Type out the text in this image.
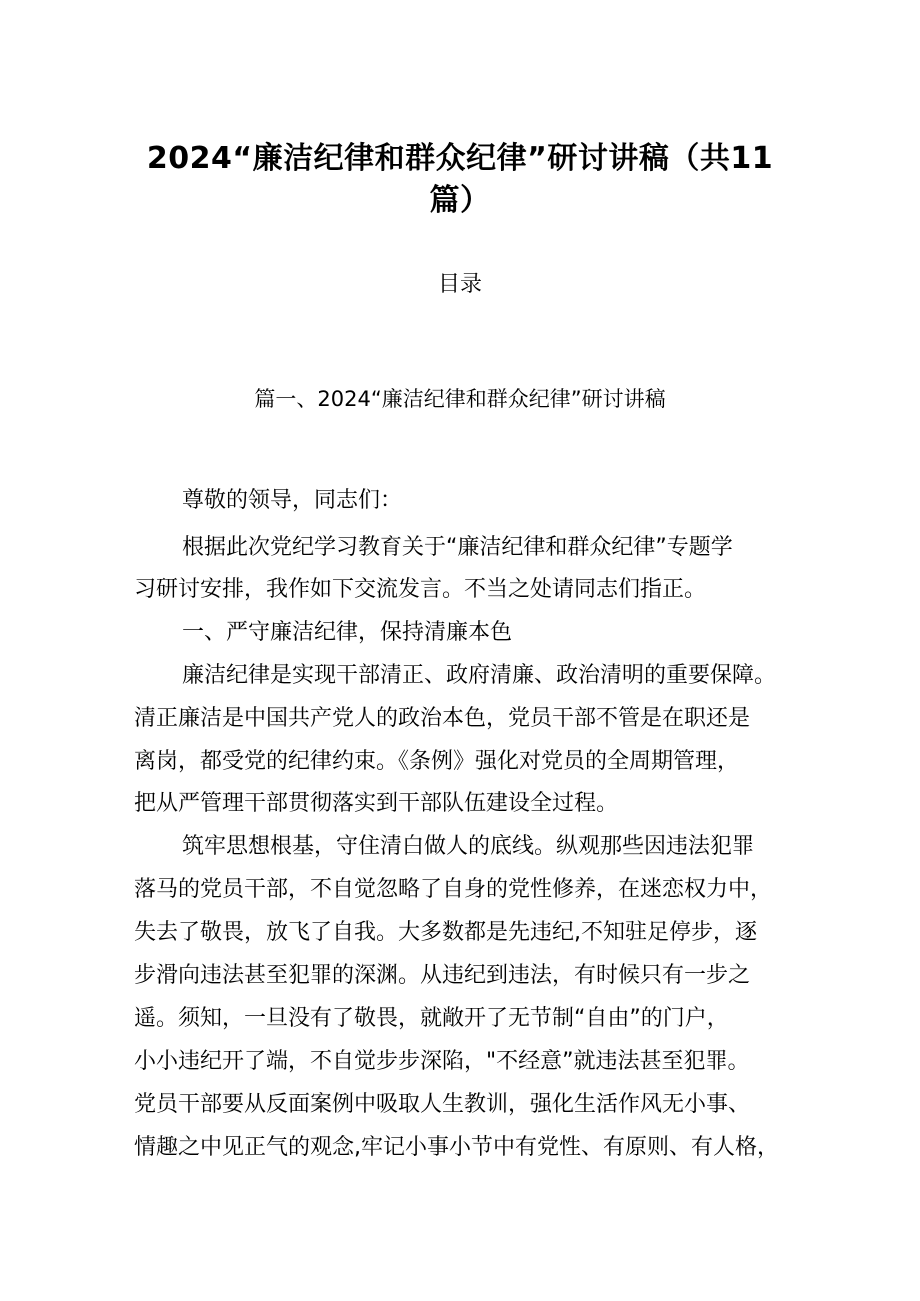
2024“廉洁纪律和群众纪律”研讨讲稿（共11
篇）
目录
篇一、2024“廉洁纪律和群众纪律”研讨讲稿
尊敬的领导，同志们：
根据此次党纪学习教育关于“廉洁纪律和群众纪律”专题学
习研讨安排，我作如下交流发言。不当之处请同志们指正。
一、严守廉洁纪律，保持清廉本色
廉洁纪律是实现干部清正、政府清廉、政治清明的重要保障。
清正廉洁是中国共产党人的政治本色，党员干部不管是在职还是
离岗，都受党的纪律约束。《条例》强化对党员的全周期管理，
把从严管理干部贯彻落实到干部队伍建设全过程。
筑牢思想根基，守住清白做人的底线。纵观那些因违法犯罪
落马的党员干部，不自觉忽略了自身的党性修养，在迷恋权力中，
失去了敬畏，放飞了自我。大多数都是先违纪,不知驻足停步，逐
步滑向违法甚至犯罪的深渊。从违纪到违法，有时候只有一步之
遥。须知，一旦没有了敬畏，就敞开了无节制“自由”的门户，
小小违纪开了端，不自觉步步深陷，"不经意”就违法甚至犯罪。
党员干部要从反面案例中吸取人生教训，强化生活作风无小事、
情趣之中见正气的观念,牢记小事小节中有党性、有原则、有人格，
